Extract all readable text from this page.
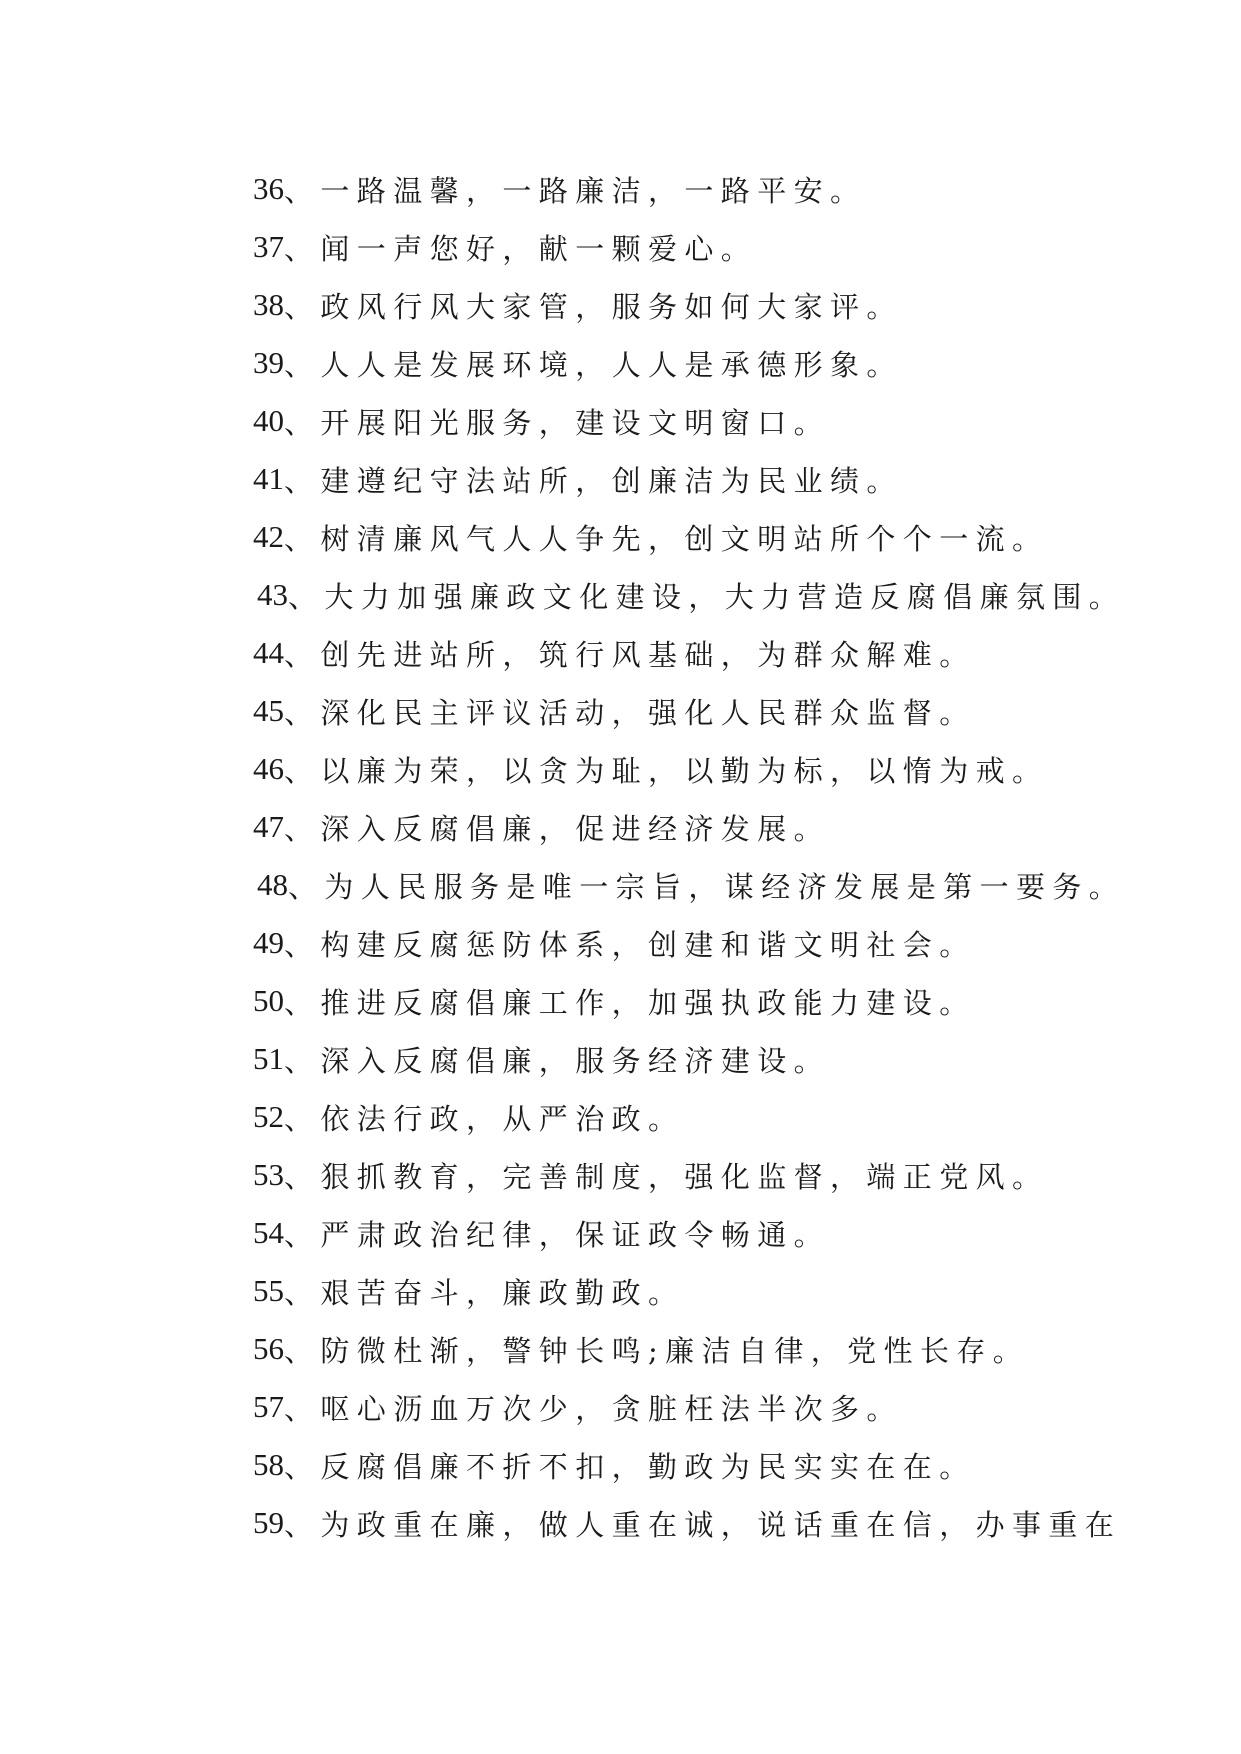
36 、 一路温馨，一路廉洁，一路平安。
37 、 闻一声您好，献一颗爱心。
38 、 政风行风大家管，服务如何大家评。
39 、 人人是发展环境，人人是承德形象。
40 、 开展阳光服务，建设文明窗口。
41 、 建遵纪守法站所，创廉洁为民业绩。
42 、 树清廉风气人人争先，创文明站所个个一流。
43 、 大力加强廉政文化建设，大力营造反腐倡廉氛围。
44 、 创先进站所，筑行风基础，为群众解难。
45 、 深化民主评议活动，强化人民群众监督。
46 、 以廉为荣，以贪为耻，以勤为标，以惰为戒。
47 、 深入反腐倡廉，促进经济发展。
48 、 为人民服务是唯一宗旨，谋经济发展是第一要务。
49 、 构建反腐惩防体系，创建和谐文明社会。
50 、 推进反腐倡廉工作，加强执政能力建设。
51 、 深入反腐倡廉，服务经济建设。
52 、 依法行政，从严治政。
53 、 狠抓教育，完善制度，强化监督，端正党风。
54 、 严肃政治纪律，保证政令畅通。
55 、 艰苦奋斗，廉政勤政。
56 、 防微杜渐，警钟长鸣;廉洁自律，党性长存。
57 、 呕心沥血万次少，贪脏枉法半次多。
58 、 反腐倡廉不折不扣，勤政为民实实在在。
59 、 为政重在廉，做人重在诚，说话重在信，办事重在
